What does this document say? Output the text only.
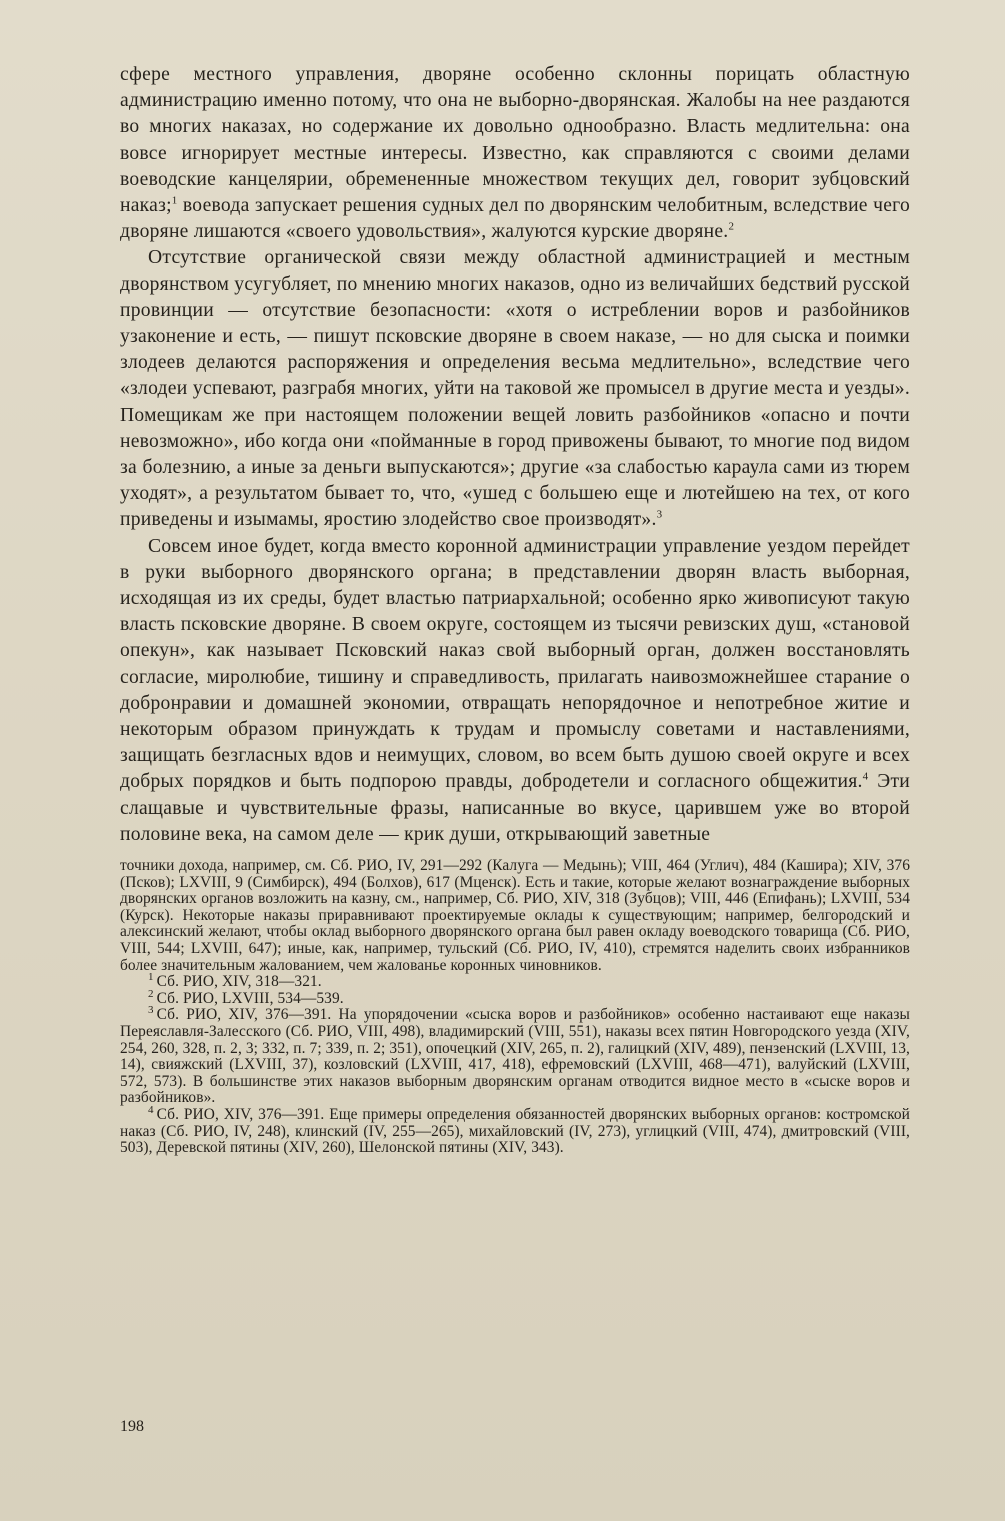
сфере местного управления, дворяне особенно склонны порицать областную администрацию именно потому, что она не выборно-дворянская. Жалобы на нее раздаются во многих наказах, но содержание их довольно однообразно. Власть медлительна: она вовсе игнорирует местные интересы. Известно, как справляются с своими делами воеводские канцелярии, обремененные множеством текущих дел, говорит зубцовский наказ;$^1$ воевода запускает решения судных дел по дворянским челобитным, вследствие чего дворяне лишаются «своего удовольствия», жалуются курские дворяне.$^2$

Отсутствие органической связи между областной администрацией и местным дворянством усугубляет, по мнению многих наказов, одно из величайших бедствий русской провинции — отсутствие безопасности: «хотя о истреблении воров и разбойников узаконение и есть, — пишут псковские дворяне в своем наказе, — но для сыска и поимки злодеев делаются распоряжения и определения весьма медлительно», вследствие чего «злодеи успевают, разграбя многих, уйти на таковой же промысел в другие места и уезды». Помещикам же при настоящем положении вещей ловить разбойников «опасно и почти невозможно», ибо когда они «пойманные в город привожены бывают, то многие под видом за болезнию, а иные за деньги выпускаются»; другие «за слабостью караула сами из тюрем уходят», а результатом бывает то, что, «ушед с большею еще и лютейшею на тех, от кого приведены и изымамы, яростию злодейство свое производят».$^3$

Совсем иное будет, когда вместо коронной администрации управление уездом перейдет в руки выборного дворянского органа; в представлении дворян власть выборная, исходящая из их среды, будет властью патриархальной; особенно ярко живописуют такую власть псковские дворяне. В своем округе, состоящем из тысячи ревизских душ, «становой опекун», как называет Псковский наказ свой выборный орган, должен восстановлять согласие, миролюбие, тишину и справедливость, прилагать наивозможнейшее старание о добронравии и домашней экономии, отвращать непорядочное и непотребное житие и некоторым образом принуждать к трудам и промыслу советами и наставлениями, защищать безгласных вдов и неимущих, словом, во всем быть душою своей округе и всех добрых порядков и быть подпорою правды, добродетели и согласного общежития.$^4$ Эти слащавые и чувствительные фразы, написанные во вкусе, царившем уже во второй половине века, на самом деле — крик души, открывающий заветные

точники дохода, например, см. Сб. РИО, IV, 291—292 (Калуга — Медынь); VIII, 464 (Углич), 484 (Кашира); XIV, 376 (Псков); LXVIII, 9 (Симбирск), 494 (Болхов), 617 (Мценск). Есть и такие, которые желают вознаграждение выборных дворянских органов возложить на казну, см., например, Сб. РИО, XIV, 318 (Зубцов); VIII, 446 (Епифань); LXVIII, 534 (Курск). Некоторые наказы приравнивают проектируемые оклады к существующим; например, белгородский и алексинский желают, чтобы оклад выборного дворянского органа был равен окладу воеводского товарища (Сб. РИО, VIII, 544; LXVIII, 647); иные, как, например, тульский (Сб. РИО, IV, 410), стремятся наделить своих избранников более значительным жалованием, чем жалованье коронных чиновников.

$^1$ Сб. РИО, XIV, 318—321.

$^2$ Сб. РИО, LXVIII, 534—539.

$^3$ Сб. РИО, XIV, 376—391. На упорядочении «сыска воров и разбойников» особенно настаивают еще наказы Переяславля-Залесского (Сб. РИО, VIII, 498), владимирский (VIII, 551), наказы всех пятин Новгородского уезда (XIV, 254, 260, 328, п. 2, 3; 332, п. 7; 339, п. 2; 351), опочецкий (XIV, 265, п. 2), галицкий (XIV, 489), пензенский (LXVIII, 13, 14), свияжский (LXVIII, 37), козловский (LXVIII, 417, 418), ефремовский (LXVIII, 468—471), валуйский (LXVIII, 572, 573). В большинстве этих наказов выборным дворянским органам отводится видное место в «сыске воров и разбойников».

$^4$ Сб. РИО, XIV, 376—391. Еще примеры определения обязанностей дворянских выборных органов: костромской наказ (Сб. РИО, IV, 248), клинский (IV, 255—265), михайловский (IV, 273), углицкий (VIII, 474), дмитровский (VIII, 503), Деревской пятины (XIV, 260), Шелонской пятины (XIV, 343).

198
